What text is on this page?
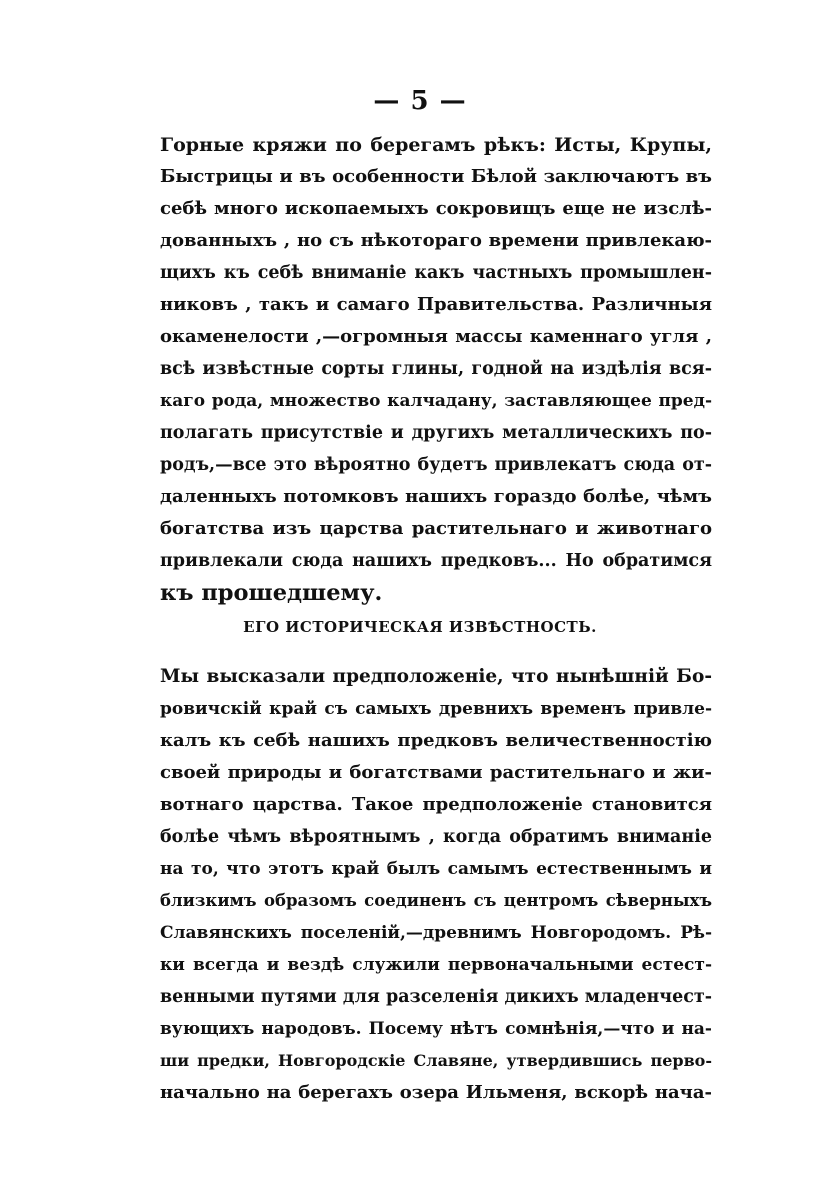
— 5 —
Горные кряжи по берегамъ рѣкъ: Исты, Крупы,
Быстрицы и въ особенности Бѣлой заключаютъ въ
себѣ много ископаемыхъ сокровищъ еще не изслѣ-
дованныхъ , но съ нѣкотораго времени привлекаю-
щихъ къ себѣ вниманіе какъ частныхъ промышлен-
никовъ , такъ и самаго Правительства. Различныя
окаменелости ,—огромныя массы каменнаго угля ,
всѣ извѣстные сорты глины, годной на издѣлія вся-
каго рода, множество калчадану, заставляющее пред-
полагать присутствіе и другихъ металлическихъ по-
родъ,—все это вѣроятно будетъ привлекатъ сюда от-
даленныхъ потомковъ нашихъ гораздо болѣе, чѣмъ
богатства изъ царства растительнаго и животнаго
привлекали сюда нашихъ предковъ... Но обратимся
къ прошедшему.
ЕГО ИСТОРИЧЕСКАЯ ИЗВѢСТНОСТЬ.
Мы высказали предположеніе, что нынѣшній Бо-
ровичскій край съ самыхъ древнихъ временъ привле-
калъ къ себѣ нашихъ предковъ величественностію
своей природы и богатствами растительнаго и жи-
вотнаго царства. Такое предположеніе становится
болѣе чѣмъ вѣроятнымъ , когда обратимъ вниманіе
на то, что этотъ край былъ самымъ естественнымъ и
близкимъ образомъ соединенъ съ центромъ сѣверныхъ
Славянскихъ поселеній,—древнимъ Новгородомъ. Рѣ-
ки всегда и вездѣ служили первоначальными естест-
венными путями для разселенія дикихъ младенчест-
вующихъ народовъ. Посему нѣтъ сомнѣнія,—что и на-
ши предки, Новгородскіе Славяне, утвердившись перво-
начально на берегахъ озера Ильменя, вскорѣ нача-
